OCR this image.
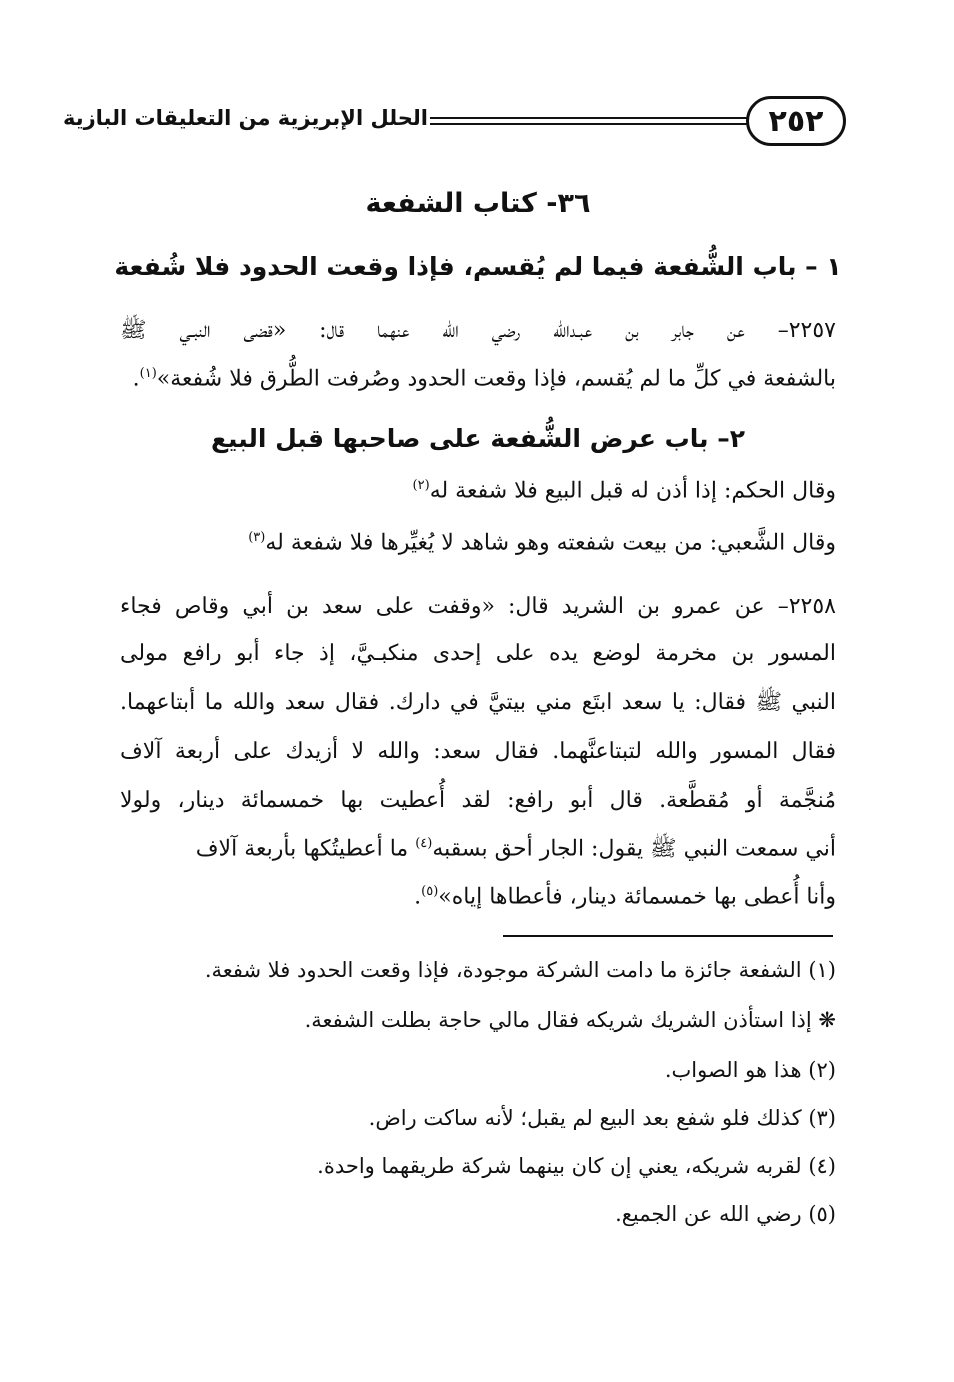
٢٥٢
الحلل الإبريزية من التعليقات البازية
٣٦- كتاب الشفعة
١ – باب الشُّفعة فيما لم يُقسم، فإذا وقعت الحدود فلا شُفعة
٢٢٥٧– عن جابر بن عبـدالله رضي الله عنهما قال: «قضى النبـي ﷺ
بالشفعة في كلِّ ما لم يُقسم، فإذا وقعت الحدود وصُرفت الطُّرق فلا شُفعة»$^{(١)}$.
٢– باب عرض الشُّفعة على صاحبها قبل البيع
وقال الحكم: إذا أذن له قبل البيع فلا شفعة له$^{(٢)}$
وقال الشَّعبي: من بيعت شفعته وهو شاهد لا يُغيِّرها فلا شفعة له$^{(٣)}$
٢٢٥٨– عن عمرو بن الشريد قال: «وقفت على سعد بن أبي وقاص فجاء
المسور بن مخرمة لوضع يده على إحدى منكبـيَّ، إذ جاء أبو رافع مولى
النبي ﷺ فقال: يا سعد ابتَع مني بيتيَّ في دارك. فقال سعد والله ما أبتاعهما.
فقال المسور والله لتبتاعنَّهما. فقال سعد: والله لا أزيدك على أربعة آلاف
مُنجَّمة أو مُقطَّعة. قال أبو رافع: لقد أُعطيت بها خمسمائة دينار، ولولا
أني سمعت النبي ﷺ يقول: الجار أحق بسقبه$^{(٤)}$ ما أعطيتُكها بأربعة آلاف
وأنا أُعطى بها خمسمائة دينار، فأعطاها إياه»$^{(٥)}$.
(١) الشفعة جائزة ما دامت الشركة موجودة، فإذا وقعت الحدود فلا شفعة.
❋ إذا استأذن الشريك شريكه فقال مالي حاجة بطلت الشفعة.
(٢) هذا هو الصواب.
(٣) كذلك فلو شفع بعد البيع لم يقبل؛ لأنه ساكت راض.
(٤) لقربه شريكه، يعني إن كان بينهما شركة طريقهما واحدة.
(٥) رضي الله عن الجميع.
